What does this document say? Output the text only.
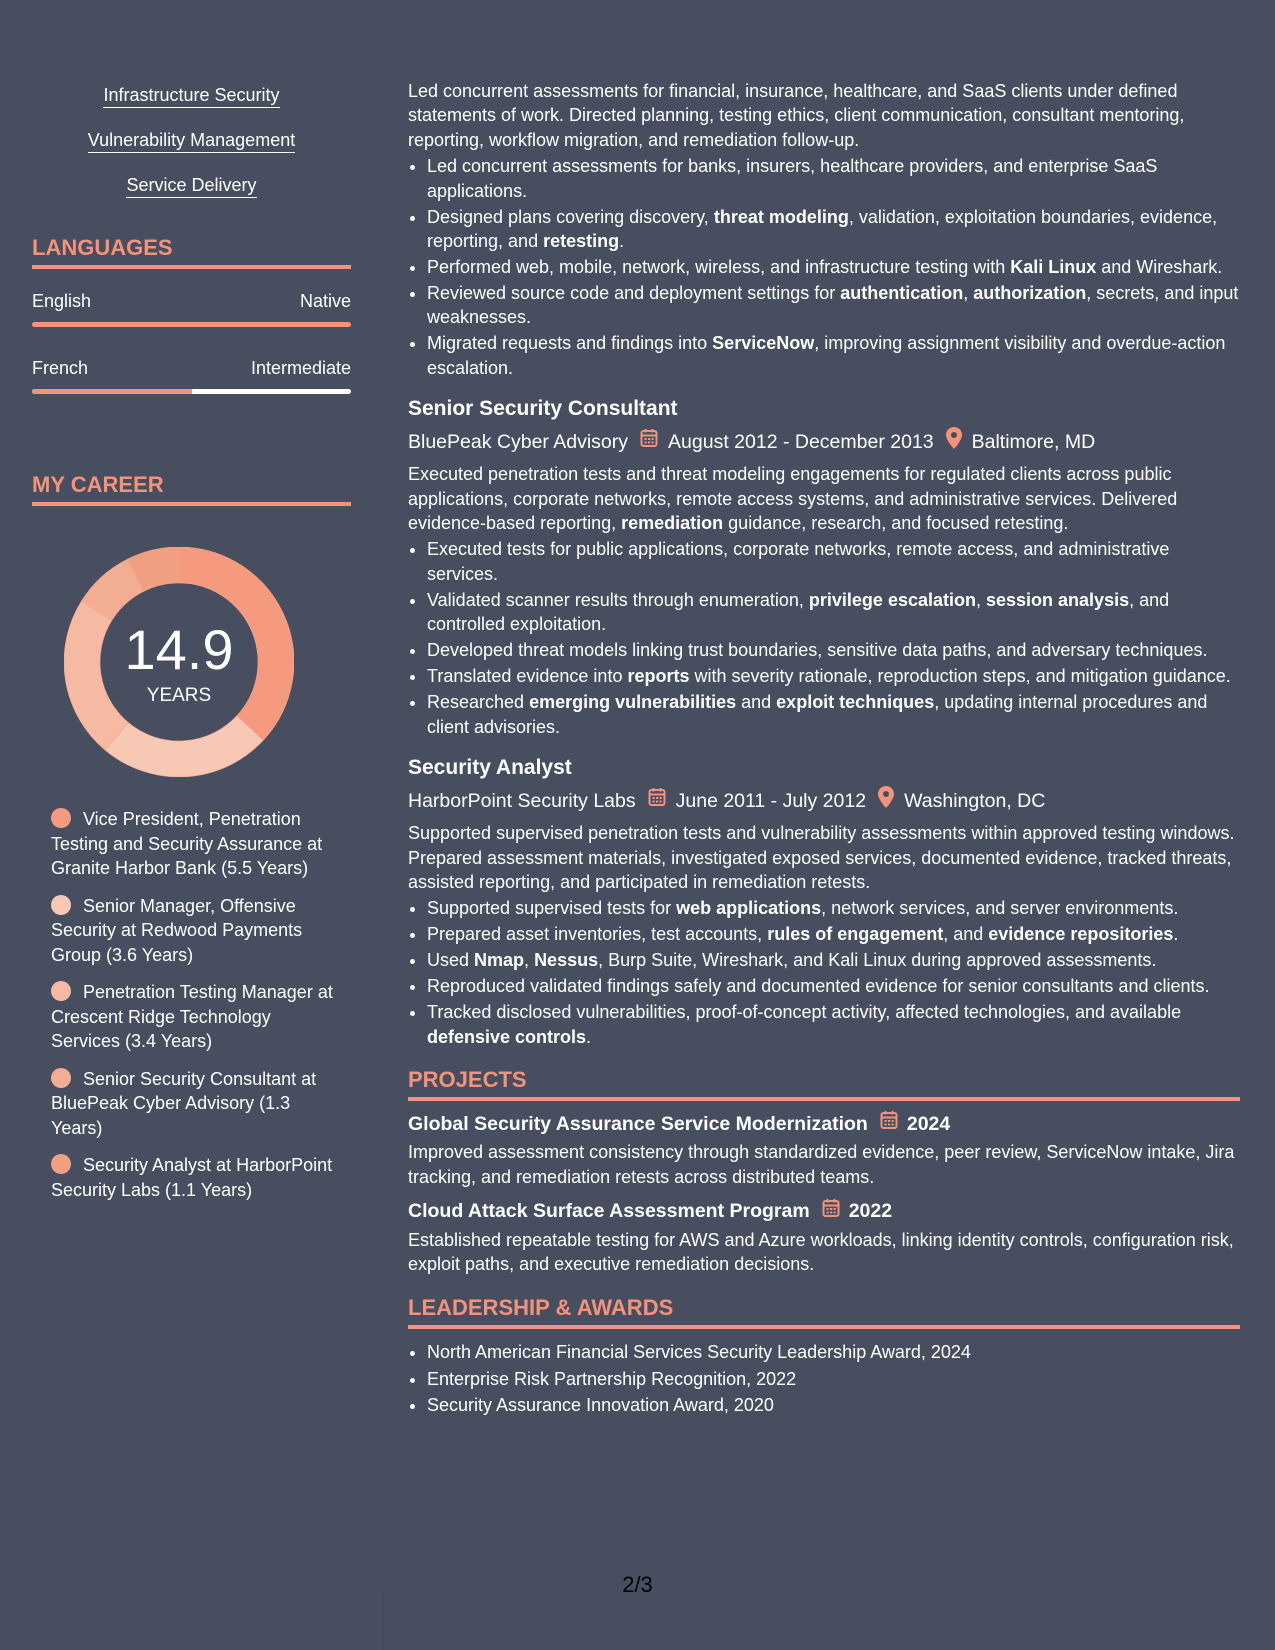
Infrastructure Security
Vulnerability Management
Service Delivery
LANGUAGES
English	Native
French	Intermediate
MY CAREER
14.9
YEARS
Vice President, Penetration Testing and Security Assurance at Granite Harbor Bank (5.5 Years)
Senior Manager, Offensive Security at Redwood Payments Group (3.6 Years)
Penetration Testing Manager at Crescent Ridge Technology Services (3.4 Years)
Senior Security Consultant at BluePeak Cyber Advisory (1.3 Years)
Security Analyst at HarborPoint Security Labs (1.1 Years)

Led concurrent assessments for financial, insurance, healthcare, and SaaS clients under defined statements of work. Directed planning, testing ethics, client communication, consultant mentoring, reporting, workflow migration, and remediation follow-up.

• Led concurrent assessments for banks, insurers, healthcare providers, and enterprise SaaS applications.
• Designed plans covering discovery, threat modeling, validation, exploitation boundaries, evidence, reporting, and retesting.
• Performed web, mobile, network, wireless, and infrastructure testing with Kali Linux and Wireshark.
• Reviewed source code and deployment settings for authentication, authorization, secrets, and input weaknesses.
• Migrated requests and findings into ServiceNow, improving assignment visibility and overdue-action escalation.
Senior Security Consultant
BluePeak Cyber Advisory August 2012 - December 2013 Baltimore, MD

Executed penetration tests and threat modeling engagements for regulated clients across public applications, corporate networks, remote access systems, and administrative services. Delivered evidence-based reporting, remediation guidance, research, and focused retesting.

• Executed tests for public applications, corporate networks, remote access, and administrative services.
• Validated scanner results through enumeration, privilege escalation, session analysis, and controlled exploitation.
• Developed threat models linking trust boundaries, sensitive data paths, and adversary techniques.
• Translated evidence into reports with severity rationale, reproduction steps, and mitigation guidance.
• Researched emerging vulnerabilities and exploit techniques, updating internal procedures and client advisories.
Security Analyst
HarborPoint Security Labs June 2011 - July 2012 Washington, DC

Supported supervised penetration tests and vulnerability assessments within approved testing windows. Prepared assessment materials, investigated exposed services, documented evidence, tracked threats, assisted reporting, and participated in remediation retests.

• Supported supervised tests for web applications, network services, and server environments.
• Prepared asset inventories, test accounts, rules of engagement, and evidence repositories.
• Used Nmap, Nessus, Burp Suite, Wireshark, and Kali Linux during approved assessments.
• Reproduced validated findings safely and documented evidence for senior consultants and clients.
• Tracked disclosed vulnerabilities, proof-of-concept activity, affected technologies, and available defensive controls.
PROJECTS
Global Security Assurance Service Modernization 2024

Improved assessment consistency through standardized evidence, peer review, ServiceNow intake, Jira tracking, and remediation retests across distributed teams.

Cloud Attack Surface Assessment Program 2022

Established repeatable testing for AWS and Azure workloads, linking identity controls, configuration risk, exploit paths, and executive remediation decisions.

LEADERSHIP & AWARDS
• North American Financial Services Security Leadership Award, 2024
• Enterprise Risk Partnership Recognition, 2022
• Security Assurance Innovation Award, 2020
2/3
